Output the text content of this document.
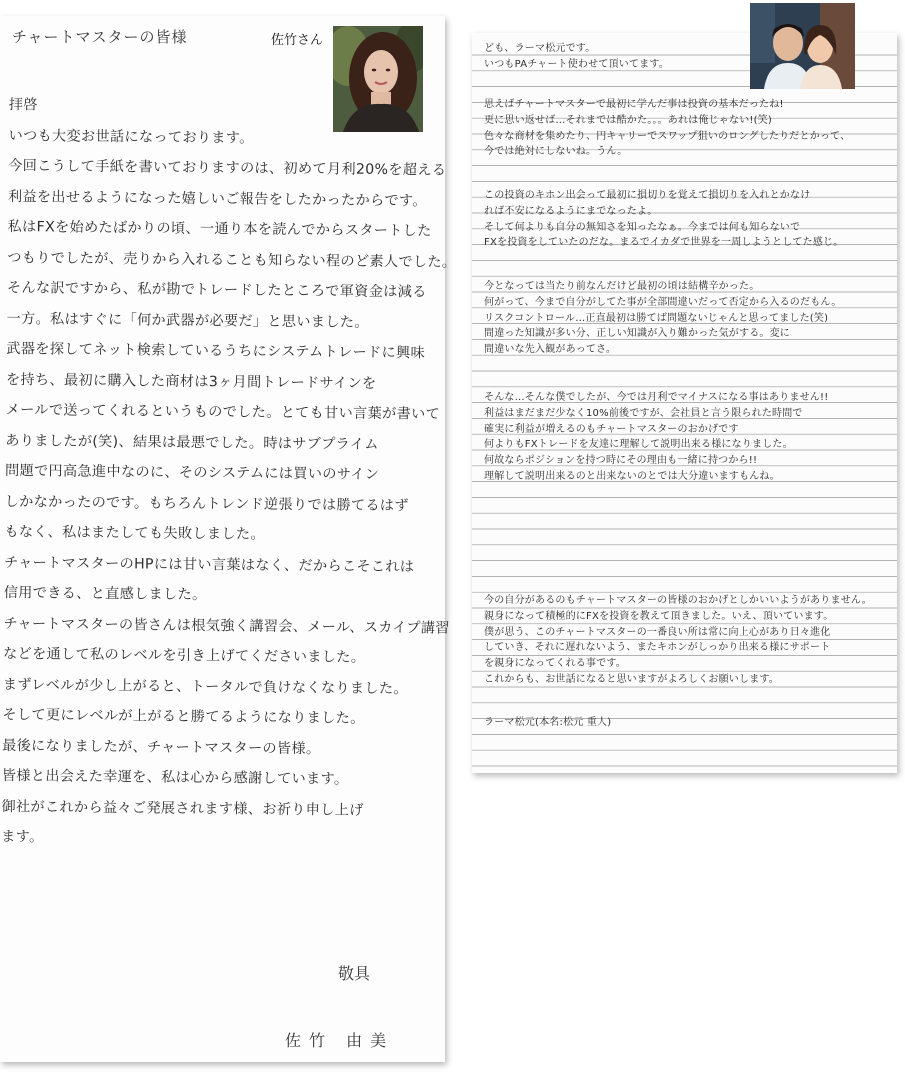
チャートマスターの皆様	佐竹さん
拝啓
いつも大変お世話になっております。
今回こうして手紙を書いておりますのは、初めて月利20%を超える
利益を出せるようになった嬉しいご報告をしたかったからです。
私はFXを始めたばかりの頃、一通り本を読んでからスタートした
つもりでしたが、売りから入れることも知らない程のど素人でした。
そんな訳ですから、私が勘でトレードしたところで軍資金は減る
一方。私はすぐに「何か武器が必要だ」と思いました。
武器を探してネット検索しているうちにシステムトレードに興味
を持ち、最初に購入した商材は3ヶ月間トレードサインを
メールで送ってくれるというものでした。とても甘い言葉が書いて
ありましたが(笑)、結果は最悪でした。時はサブプライム
問題で円高急進中なのに、そのシステムには買いのサイン
しかなかったのです。もちろんトレンド逆張りでは勝てるはず
もなく、私はまたしても失敗しました。
チャートマスターのHPには甘い言葉はなく、だからこそこれは
信用できる、と直感しました。
チャートマスターの皆さんは根気強く講習会、メール、スカイプ講習
などを通して私のレベルを引き上げてくださいました。
まずレベルが少し上がると、トータルで負けなくなりました。
そして更にレベルが上がると勝てるようになりました。
最後になりましたが、チャートマスターの皆様。
皆様と出会えた幸運を、私は心から感謝しています。
御社がこれから益々ご発展されます様、お祈り申し上げ
ます。
敬具
佐竹 由美
ども、ラーマ松元です。
いつもPAチャート使わせて頂いてます。
思えばチャートマスターで最初に学んだ事は投資の基本だったね!
更に思い返せば…それまでは酷かた。。。あれは俺じゃない!(笑)
色々な商材を集めたり、円キャリーでスワップ狙いのロングしたりだとかって、
今では絶対にしないね。うん。
この投資のキホン出会って最初に損切りを覚えて損切りを入れとかなけ
れば不安になるようにまでなったよ。
そして何よりも自分の無知さを知ったなぁ。今までは何も知らないで
FXを投資をしていたのだな。まるでイカダで世界を一周しようとしてた感じ。
今となっては当たり前なんだけど最初の頃は結構辛かった。
何がって、今まで自分がしてた事が全部間違いだって否定から入るのだもん。
リスクコントロール…正直最初は勝てば問題ないじゃんと思ってました(笑)
間違った知識が多い分、正しい知識が入り難かった気がする。変に
間違いな先入観があってさ。
そんな…そんな僕でしたが、今では月利でマイナスになる事はありません!!
利益はまだまだ少なく10%前後ですが、会社員と言う限られた時間で
確実に利益が増えるのもチャートマスターのおかげです
何よりもFXトレードを友達に理解して説明出来る様になりました。
何故ならポジションを持つ時にその理由も一緒に持つから!!
理解して説明出来るのと出来ないのとでは大分違いますもんね。
今の自分があるのもチャートマスターの皆様のおかげとしかいいようがありません。
親身になって積極的にFXを投資を教えて頂きました。いえ、頂いています。
僕が思う、このチャートマスターの一番良い所は常に向上心があり日々進化
していき、それに遅れないよう、またキホンがしっかり出来る様にサポート
を親身になってくれる事です。
これからも、お世話になると思いますがよろしくお願いします。
ラーマ松元(本名:松元 重人)
